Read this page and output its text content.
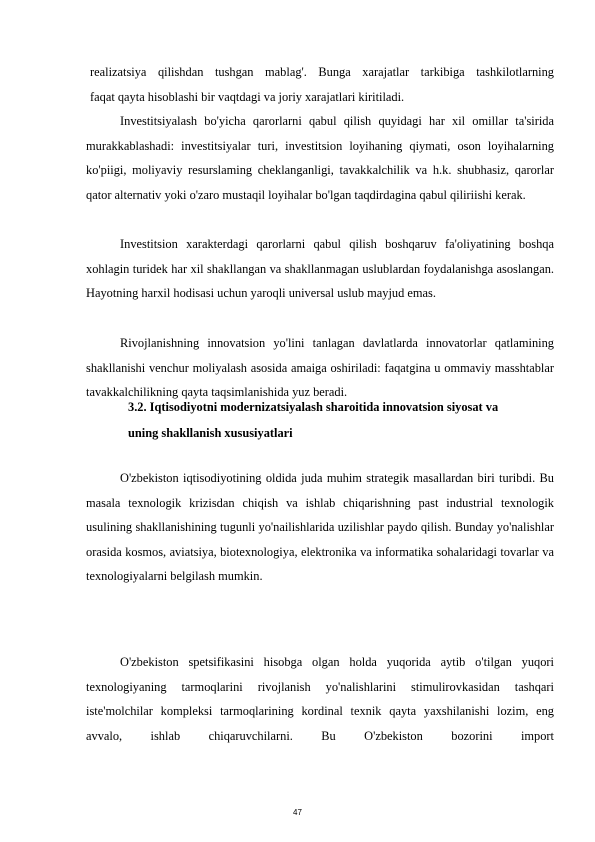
realizatsiya qilishdan tushgan mablag'. Bunga xarajatlar tarkibiga tashkilotlarning
faqat qayta hisoblashi bir vaqtdagi va joriy xarajatlari kiritiladi.

Investitsiyalash bo'yicha qarorlarni qabul qilish quyidagi har xil omillar ta'sirida murakkablashadi: investitsiyalar turi, investitsion loyihaning qiymati, oson loyihalarning ko'piigi, moliyaviy resurslaming cheklanganligi, tavakkalchilik va h.k. shubhasiz, qarorlar qator alternativ yoki o'zaro mustaqil loyihalar bo'lgan taqdirdagina qabul qiliriishi kerak.

Investitsion xarakterdagi qarorlarni qabul qilish boshqaruv fa'oliyatining boshqa xohlagin turidek har xil shakllangan va shakllanmagan uslublardan foydalanishga asoslangan. Hayotning harxil hodisasi uchun yaroqli universal uslub mayjud emas.

Rivojlanishning innovatsion yo'lini tanlagan davlatlarda innovatorlar qatlamining shakllanishi venchur moliyalash asosida amaiga oshiriladi: faqatgina u ommaviy masshtablar tavakkalchilikning qayta taqsimlanishida yuz beradi.

3.2. Iqtisodiyotni modernizatsiyalash sharoitida innovatsion siyosat va
uning shakllanish xususiyatlari

O'zbekiston iqtisodiyotining oldida juda muhim strategik masallardan biri turibdi. Bu masala texnologik krizisdan chiqish va ishlab chiqarishning past industrial texnologik usulining shakllanishining tugunli yo'nailishlarida uzilishlar paydo qilish. Bunday yo'nalishlar orasida kosmos, aviatsiya, biotexnologiya, elektronika va informatika sohalaridagi tovarlar va texnologiyalarni belgilash mumkin.

O'zbekiston spetsifikasini hisobga olgan holda yuqorida aytib o'tilgan yuqori texnologiyaning tarmoqlarini rivojlanish yo'nalishlarini stimulirovkasidan tashqari iste'molchilar kompleksi tarmoqlarining kordinal texnik qayta yaxshilanishi lozim, eng avvalo, ishlab chiqaruvchilarni. Bu O'zbekiston bozorini import

47
